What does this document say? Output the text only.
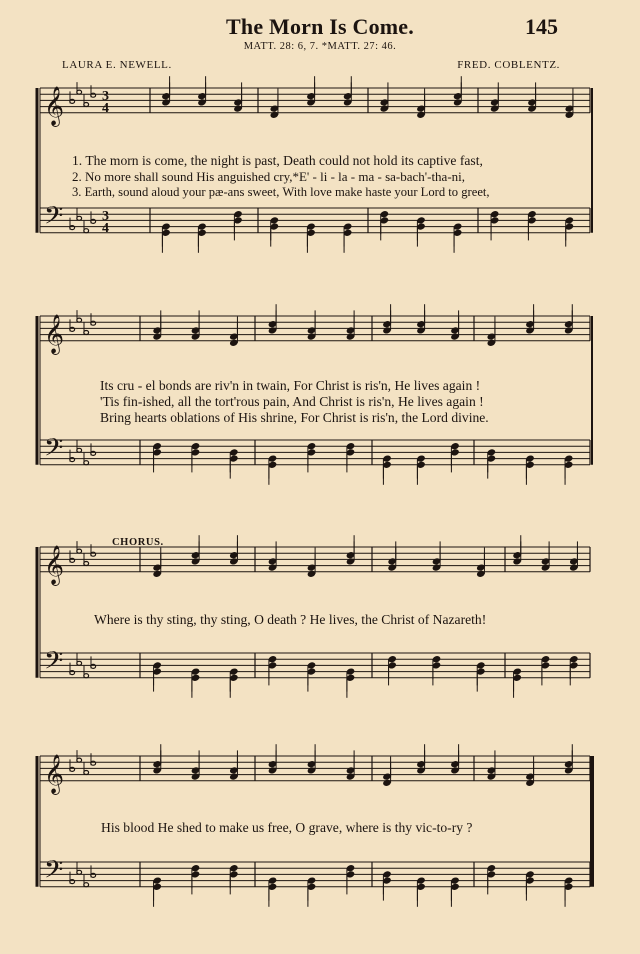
The Morn Is Come.	145
MATT. 28: 6, 7. *MATT. 27: 46.
LAURA E. NEWELL.	FRED. COBLENTZ.
𝄞
𝄢
3
3
4
4
𝄞
𝄢
𝄞
𝄢
𝄞
𝄢
1. The morn is come, the night is past, Death could not hold its captive fast,
2. No more shall sound His anguished cry,*E' - li - la - ma - sa-bach'-tha-ni,
3. Earth, sound aloud your pæ-ans sweet, With love make haste your Lord to greet,
Its cru - el bonds are riv'n in twain, For Christ is ris'n, He lives again !
'Tis fin-ished, all the tort'rous pain, And Christ is ris'n, He lives again !
Bring hearts oblations of His shrine, For Christ is ris'n, the Lord divine.
CHORUS.
Where is thy sting, thy sting, O death ? He lives, the Christ of Nazareth!
His blood He shed to make us free, O grave, where is thy vic-to-ry ?
